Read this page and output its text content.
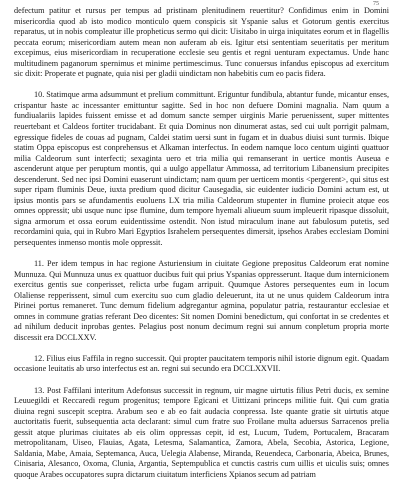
75

defectum patitur et rursus per tempus ad pristinam plenitudinem reuertitur? Confidimus enim in Domini misericordia quod ab isto modico monticulo quem conspicis sit Yspanie salus et Gotorum gentis exercitus reparatus, ut in nobis compleatur ille propheticus sermo qui dicit: Uisitabo in uirga iniquitates eorum et in flagellis peccata eorum; misericordiam autem mean non auferam ab eis. Igitur etsi sententiam seueritatis per meritum excepimus, eius misericordiam in recuperatione ecclesie seu gentis et regni uenturam expectamus. Unde hanc multitudinem paganorum spernimus et minime pertimescimus. Tunc conuersus infandus episcopus ad exercitum sic dixit: Properate et pugnate, quia nisi per gladii uindictam non habebitis cum eo pacis fidera.

10. Statimque arma adsummunt et prelium committunt. Eriguntur fundibula, abtantur funde, micantur enses, crispantur haste ac incessanter emittuntur sagitte. Sed in hoc non defuere Domini magnalia. Nam quum a fundiualariis lapides fuissent emisse et ad domum sancte semper uirginis Marie peruenissent, super mittentes reuertebant et Caldeos fortiter trucidabant. Et quia Dominus non dinumerat astas, sed cui uult porrigit palmam, egressique fideles de couas ad pugnam, Caldei statim uersi sunt in fugam et in duabus diuisi sunt turmis. Ibique statim Oppa episcopus est conprehensus et Alkaman interfectus. In eodem namque loco centum uiginti quattuor milia Caldeorum sunt interfecti; sexaginta uero et tria milia qui remanserant in uertice montis Auseua e ascenderunt atque per peruptum montis, qui a uulgo appellatur Ammossa, ad territorium Libanensium precipites descenderunt. Sed nec ipsi Domini euaserunt uindictam; nam quum per uerticem montis <pergerent>, qui situs est super ripam fluminis Deue, iuxta predium quod dicitur Causegadia, sic euidenter iudicio Domini actum est, ut ipsius montis pars se afundamentis euoluens LX tria milia Caldeorum stupenter in flumine proiecit atque eos omnes oppressit; ubi usque nunc ipse flumine, dum tempore hyemali aliueum suum impleuerit ripasque dissoluit, signa armorum et ossa eorum euidentissime ostendit. Non istud miraculum inane aut fabulosum putetis, sed recordamini quia, qui in Rubro Mari Egyptios Israhelem persequentes dimersit, ipsehos Arabes ecclesiam Domini persequentes inmenso montis mole oppressit.

11. Per idem tempus in hac regione Asturiensium in ciuitate Gegione prepositus Caldeorum erat nomine Munnuza. Qui Munnuza unus ex quattuor ducibus fuit qui prius Yspanias oppresserunt. Itaque dum internicionem exercitus gentis sue conperisset, relicta urbe fugam arripuit. Quumque Astores persequentes eum in locum Olaliense repperissent, simul cum exercitu suo cum gladio deleuerunt, ita ut ne unus quidem Caldeorum intra Pirinei portus remaneret. Tunc demum fidelium adgregantur agmina, populatur patria, restaurantur ecclesiae et omnes in commune gratias referant Deo dicentes: Sit nomen Domini benedictum, qui confortat in se credentes et ad nihilum deducit inprobas gentes. Pelagius post nonum decimum regni sui annum conpletum propria morte discessit era DCCLXXV.

12. Filius eius Faffila in regno successit. Qui propter paucitatem temporis nihil istorie dignum egit. Quadam occasione leuitatis ab urso interfectus est an. regni sui secundo era DCCLXXVII.

13. Post Faffilani interitum Adefonsus successit in regnum, uir magne uirtutis filius Petri ducis, ex semine Leuuegildi et Reccaredi regum progenitus; tempore Egicani et Uittizani princeps militie fuit. Qui cum gratia diuina regni suscepit sceptra. Arabum seo e ab eo fait audacia conpressa. Iste quante gratie sit uirtutis atque auctoritatis fuerit, subsequentia acta declarant: simul cum fratre suo Froilane multa aduersus Sarracenos prelia gessit atque plurimas ciuitates ab eis olim oppressas cepit, id est, Lucum, Tudem, Portucalem, Bracaram metropolitanam, Uiseo, Flauias, Agata, Letesma, Salamantica, Zamora, Abela, Secobia, Astorica, Legione, Saldania, Mabe, Amaia, Septemanca, Auca, Uelegia Alabense, Miranda, Reuendeca, Carbonaria, Abeica, Brunes, Cinisaria, Alesanco, Oxoma, Clunia, Argantia, Septempublica et cunctis castris cum uillis et uiculis suis; omnes quoque Arabes occupatores supra dictarum ciuitatum interficiens Xpianos secum ad patriam
